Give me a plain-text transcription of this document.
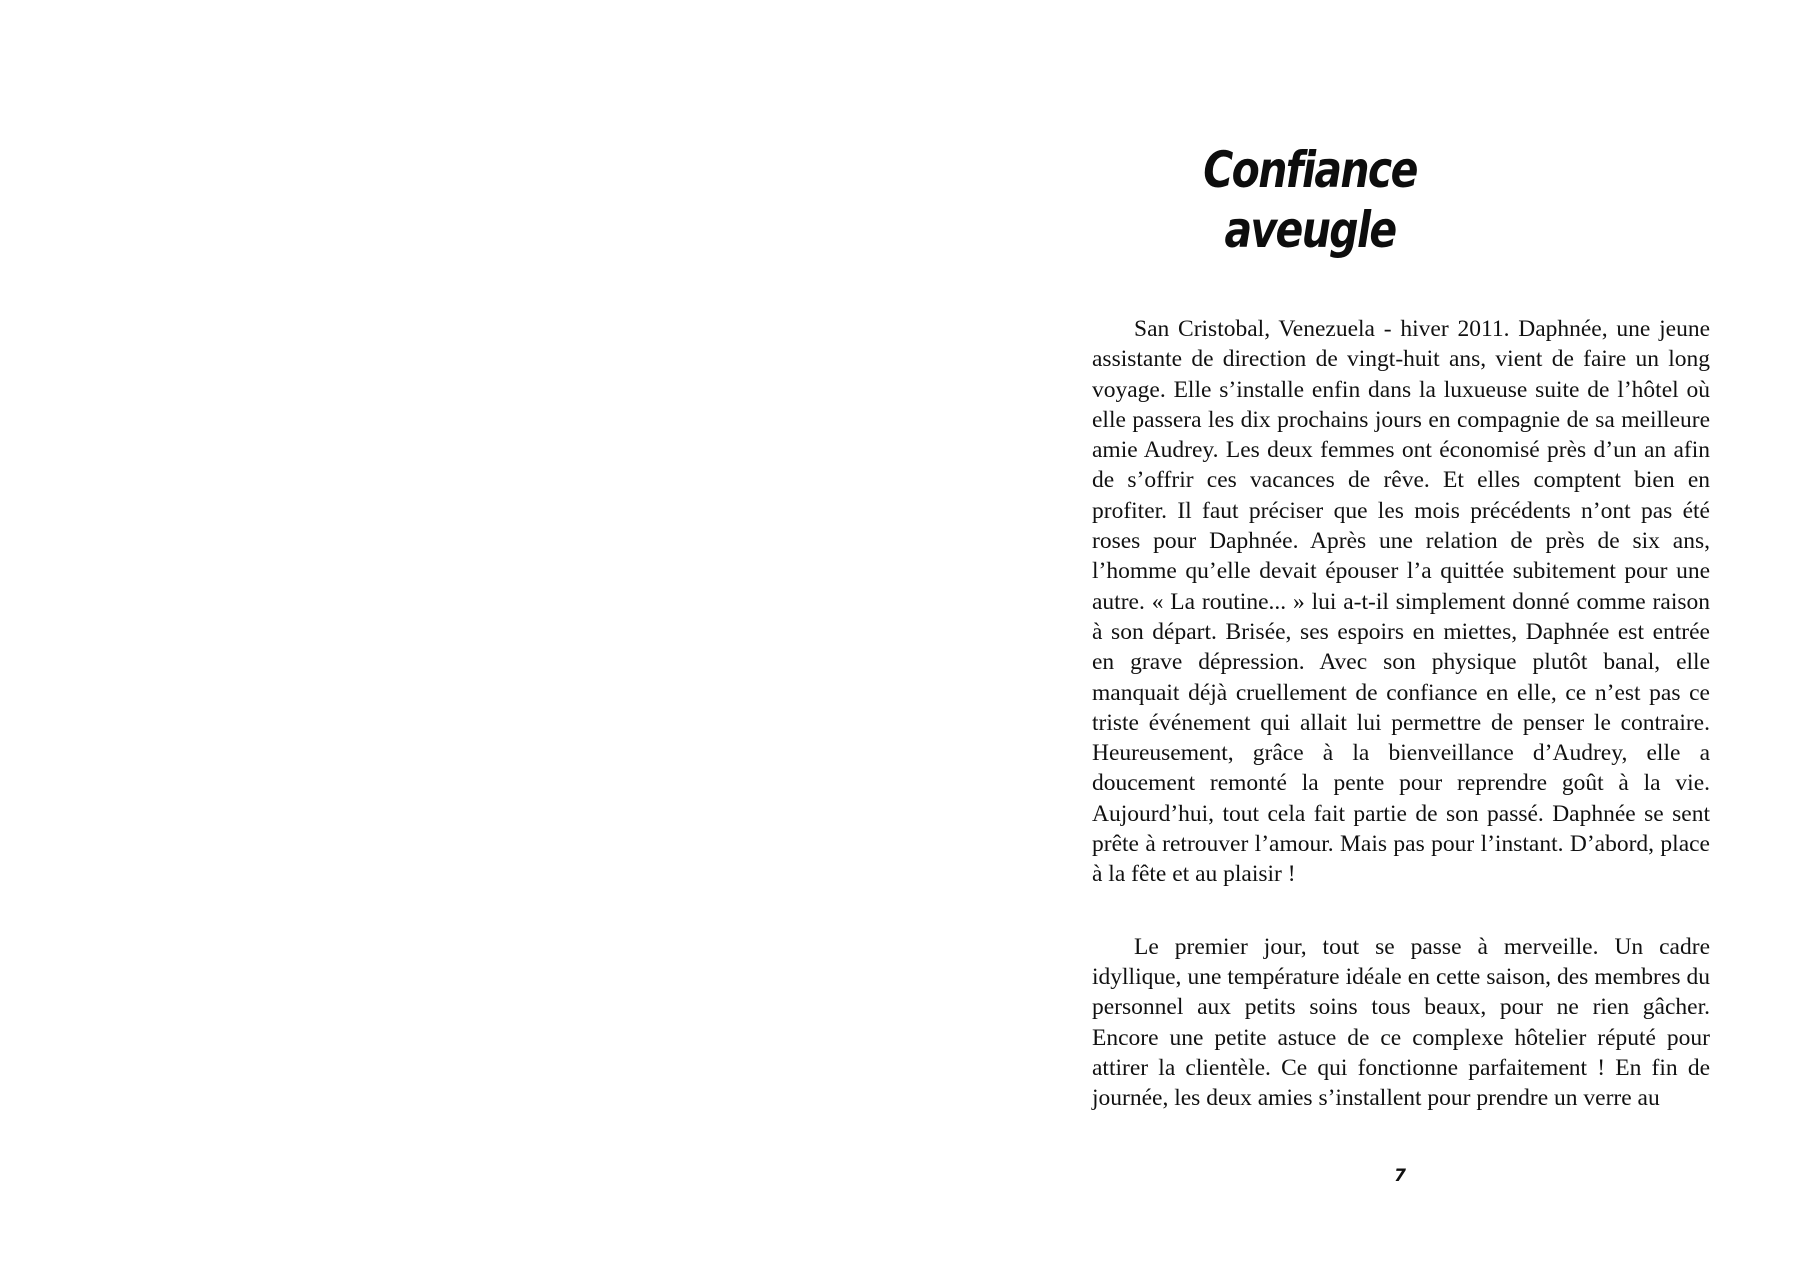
Confiance aveugle

San Cristobal, Venezuela - hiver 2011. Daphnée, une jeune assistante de direction de vingt-huit ans, vient de faire un long voyage. Elle s’installe enfin dans la luxueuse suite de l’hôtel où elle passera les dix prochains jours en compagnie de sa meilleure amie Audrey. Les deux femmes ont économisé près d’un an afin de s’offrir ces vacances de rêve. Et elles comptent bien en profiter. Il faut préciser que les mois précédents n’ont pas été roses pour Daphnée. Après une relation de près de six ans, l’homme qu’elle devait épouser l’a quittée subitement pour une autre. « La routine... » lui a-t-il simplement donné comme raison à son départ. Brisée, ses espoirs en miettes, Daphnée est entrée en grave dépression. Avec son physique plutôt banal, elle manquait déjà cruellement de confiance en elle, ce n’est pas ce triste événement qui allait lui permettre de penser le contraire. Heureusement, grâce à la bienveillance d’Audrey, elle a doucement remonté la pente pour reprendre goût à la vie. Aujourd’hui, tout cela fait partie de son passé. Daphnée se sent prête à retrouver l’amour. Mais pas pour l’instant. D’abord, place à la fête et au plaisir !

Le premier jour, tout se passe à merveille. Un cadre idyllique, une température idéale en cette saison, des membres du personnel aux petits soins tous beaux, pour ne rien gâcher. Encore une petite astuce de ce complexe hôtelier réputé pour attirer la clientèle. Ce qui fonctionne parfaitement ! En fin de journée, les deux amies s’installent pour prendre un verre au

7
